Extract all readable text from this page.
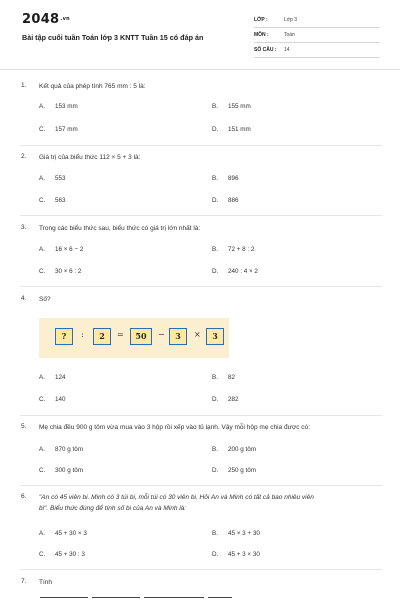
$2048^{.vn}$
Bài tập cuối tuần Toán lớp 3 KNTT Tuần 15 có đáp án
LỚP :	Lớp 3
MÔN :	Toán
SỐ CÂU : 14
1. Kết quả của phép tính 765 mm : 5 là:
A. 153 mm	B. 155 mm
C. 157 mm	D. 151 mm
2. Giá trị của biểu thức 112 × 5 + 3 là:
A. 553	B. 896
C. 563	D. 886
3. Trong các biểu thức sau, biểu thức có giá trị lớn nhất là:
A. 16 × 6 − 2	B. 72 + 8 : 2
C. 30 × 6 : 2	D. 240 : 4 × 2
4. Số?
?	:	2	=	50	−	3	×	3
A. 124	B. 82
C. 140	D. 282
5. Mẹ chia đều 900 g tôm vừa mua vào 3 hộp rồi xếp vào tủ lạnh. Vậy mỗi hộp mẹ chia được có:
A. 870 g tôm	B. 200 g tôm
C. 300 g tôm	D. 250 g tôm
6. "An có 45 viên bi. Minh có 3 túi bi, mỗi túi có 30 viên bi. Hỏi An và Minh có tất cả bao nhiêu viên
bi". Biểu thức đúng để tính số bi của An và Minh là:
A. 45 + 30 × 3	B. 45 × 3 + 30
C. 45 + 30 : 3	D. 45 + 3 × 30
7. Tính
